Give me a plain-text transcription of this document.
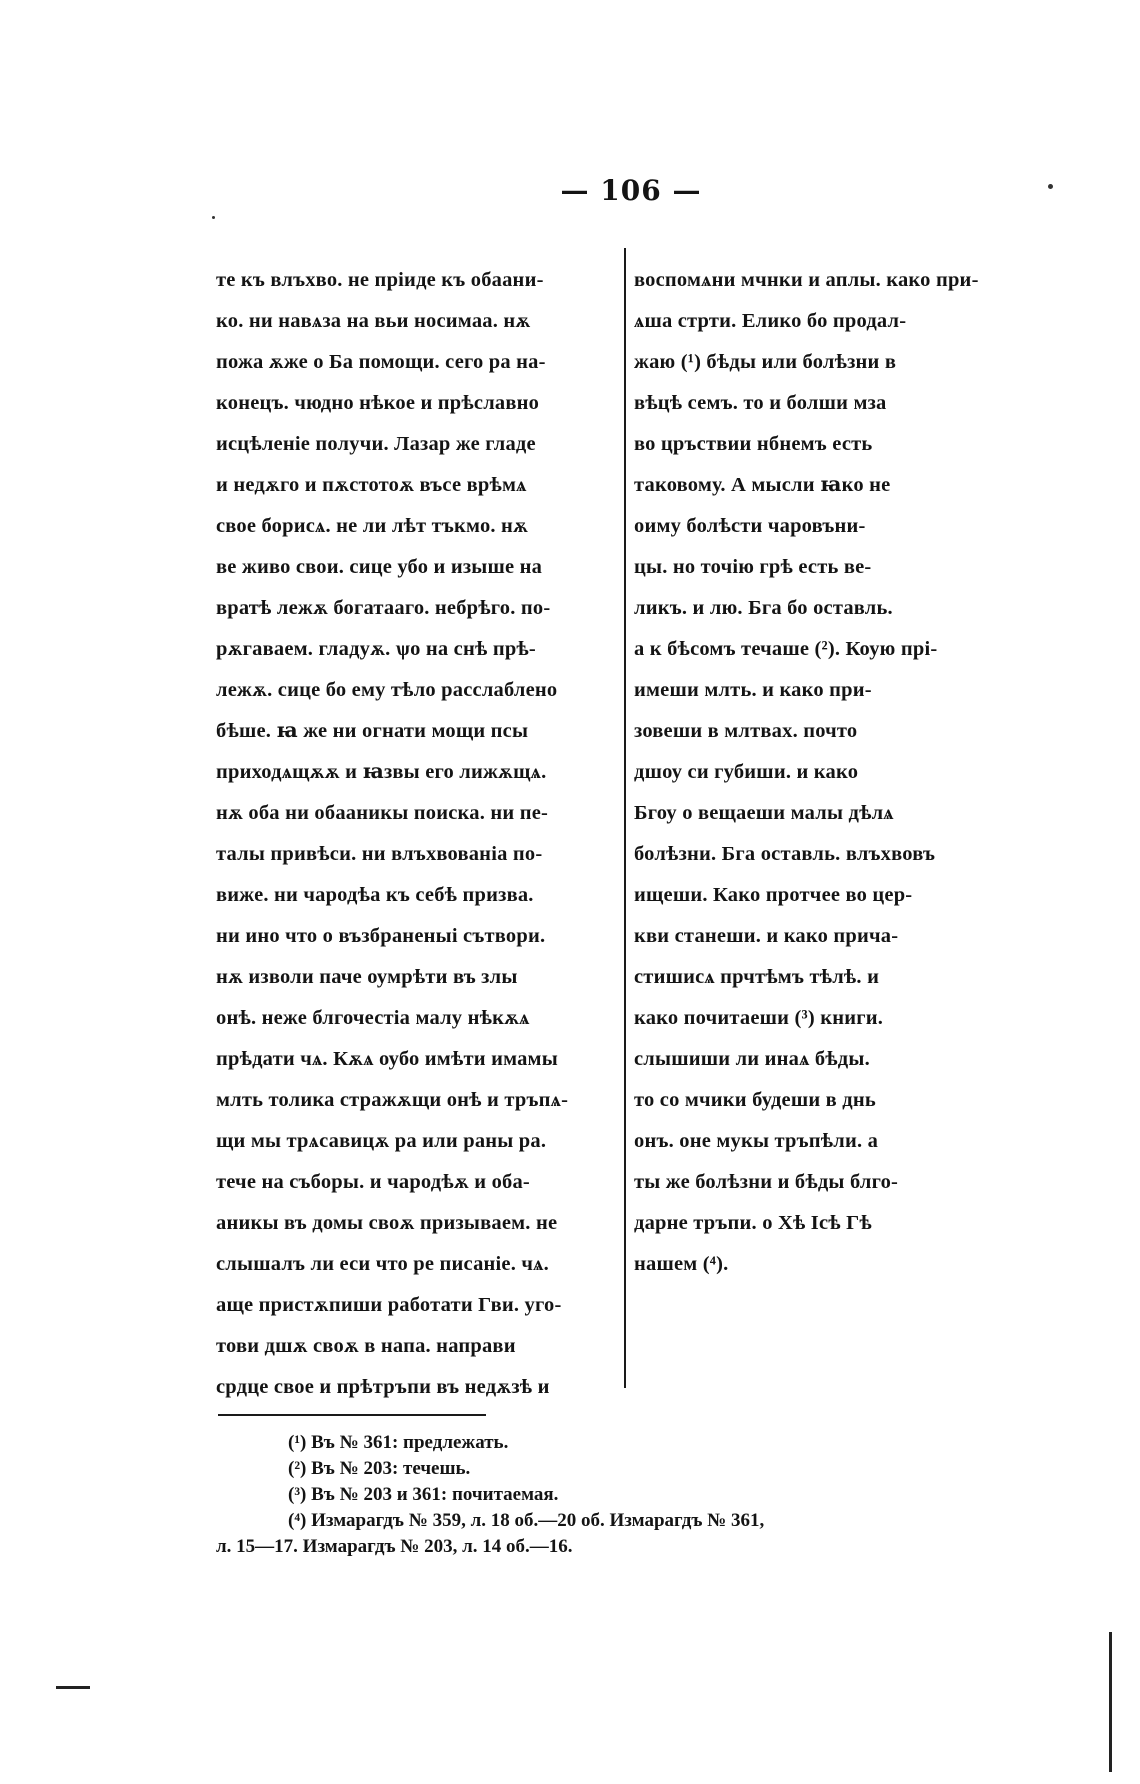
— 106 —
те къ влъхво. не пріиде къ обаани-
ко. ни навѧза на вьи носимаа. нѫ
пожа ѫже о Ба помощи. сего ра на-
конецъ. чюдно нѣкое и прѣславно
исцѣленіе получи. Лазар же гладе
и недѫго и пѫстотоѫ въсе врѣмѧ
свое борисѧ. не ли лѣт тъкмо. нѫ
ве живо свои. сице убо и изыше на
вратѣ лежѫ богатааго. небрѣго. по-
рѫгаваем. гладуѫ. ѱо на снѣ прѣ-
лежѫ. сице бо ему тѣло расслаблено
бѣше. ꙗ же ни огнати мощи псы
приходѧщѫѫ и ꙗзвы его лижѫщѧ.
нѫ оба ни обаaникы поиска. ни пе-
талы привѣси. ни влъхвованіа по-
виже. ни чародѣа къ себѣ призва.
ни ино что о възбраненыі сътвори.
нѫ изволи паче оумрѣти въ злы
онѣ. неже блгочестіа малу нѣкѫѧ
прѣдати чѧ. Кѫѧ оубо имѣти имамы
млть толика стражѫщи онѣ и тръпѧ-
щи мы трѧсавицѫ ра или раны ра.
течe на съборы. и чародѣѫ и оба-
аникы въ домы своѫ призываем. не
слышалъ ли еси что ре писаніе. чѧ.
аще пристѫпиши работати Гви. уго-
тови дшѫ своѫ в напа. направи
срдце свое и прѣтръпи въ недѫзѣ и
воспомѧни мчнки и аплы. како при-
ѧша стрти. Елико бо продал-
жаю (¹) бѣды или болѣзни в
вѣцѣ семъ. то и болши мза
во цръствии нбнемъ есть
таковому. А мысли ꙗко не
оиму болѣсти чаровъни-
цы. но точію грѣ есть ве-
ликъ. и лю. Бга бо оставль.
а к бѣсомъ течаше (²). Коую прі-
имеши млть. и како при-
зовеши в млтвах. почто
дшоу си губиши. и како
Бгоу о вещаеши малы дѣлѧ
болѣзни. Бга оставль. влъхвовъ
ищеши. Како протчее во цер-
кви станеши. и како прича-
стишисѧ прчтѣмъ тѣлѣ. и
како почитаеши (³) книги.
слышиши ли инаѧ бѣды.
то со мчики будеши в днь
онъ. оне мукы тръпѣли. а
ты же болѣзни и бѣды блго-
дарне тръпи. о Хѣ Ісѣ Гѣ
нашем (⁴).
(¹) Въ № 361: предлежать.
(²) Въ № 203: течешь.
(³) Въ № 203 и 361: почитаемая.
(⁴) Измарагдъ № 359, л. 18 об.—20 об. Измарагдъ № 361,
л. 15—17. Измарагдъ № 203, л. 14 об.—16.
